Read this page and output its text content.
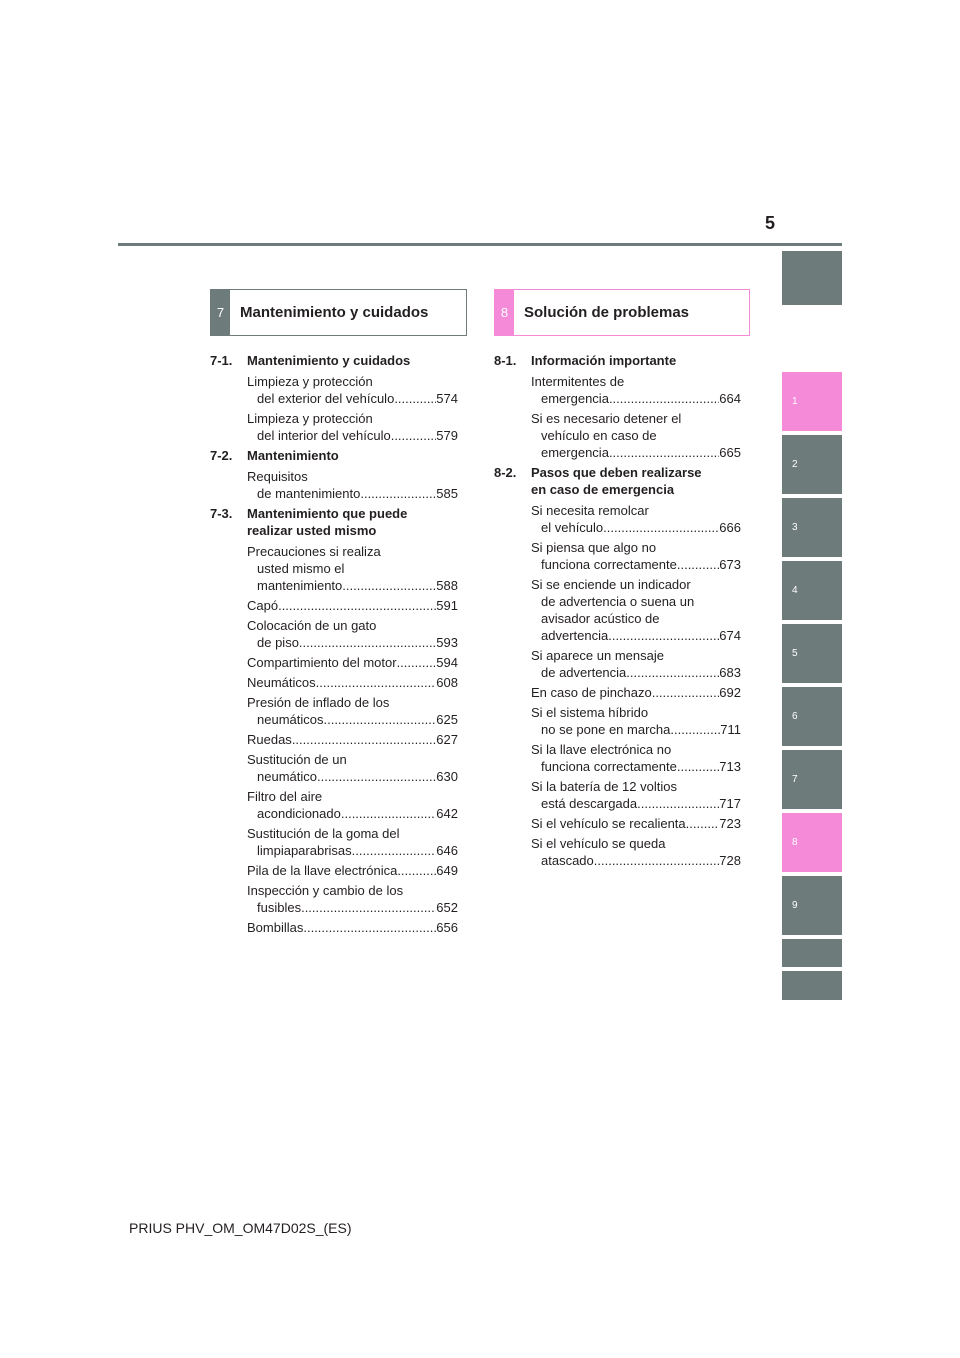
5
1
2
3
4
5
6
7
8
9
7	Mantenimiento y cuidados	8	Solución de problemas
7-1.	Mantenimiento y cuidados
Limpieza y protección
del exterior del vehículo .....	574
Limpieza y protección
del interior del vehículo .....	579
7-2.	Mantenimiento
Requisitos
de mantenimiento .....	585
7-3.	Mantenimiento que puede
realizar usted mismo
Precauciones si realiza
usted mismo el
mantenimiento .....	588
Capó .....	591
Colocación de un gato
de piso .....	593
Compartimiento del motor .....	594
Neumáticos .....	608
Presión de inflado de los
neumáticos .....	625
Ruedas .....	627
Sustitución de un
neumático .....	630
Filtro del aire
acondicionado .....	642
Sustitución de la goma del
limpiaparabrisas .....	646
Pila de la llave electrónica .....	649
Inspección y cambio de los
fusibles .....	652
Bombillas .....	656
8-1.	Información importante
Intermitentes de
emergencia .....	664
Si es necesario detener el
vehículo en caso de
emergencia .....	665
8-2.	Pasos que deben realizarse
en caso de emergencia
Si necesita remolcar
el vehículo .....	666
Si piensa que algo no
funciona correctamente .....	673
Si se enciende un indicador
de advertencia o suena un
avisador acústico de
advertencia .....	674
Si aparece un mensaje
de advertencia .....	683
En caso de pinchazo .....	692
Si el sistema híbrido
no se pone en marcha .....	711
Si la llave electrónica no
funciona correctamente .....	713
Si la batería de 12 voltios
está descargada .....	717
Si el vehículo se recalienta .....	723
Si el vehículo se queda
atascado .....	728
PRIUS PHV_OM_OM47D02S_(ES)
